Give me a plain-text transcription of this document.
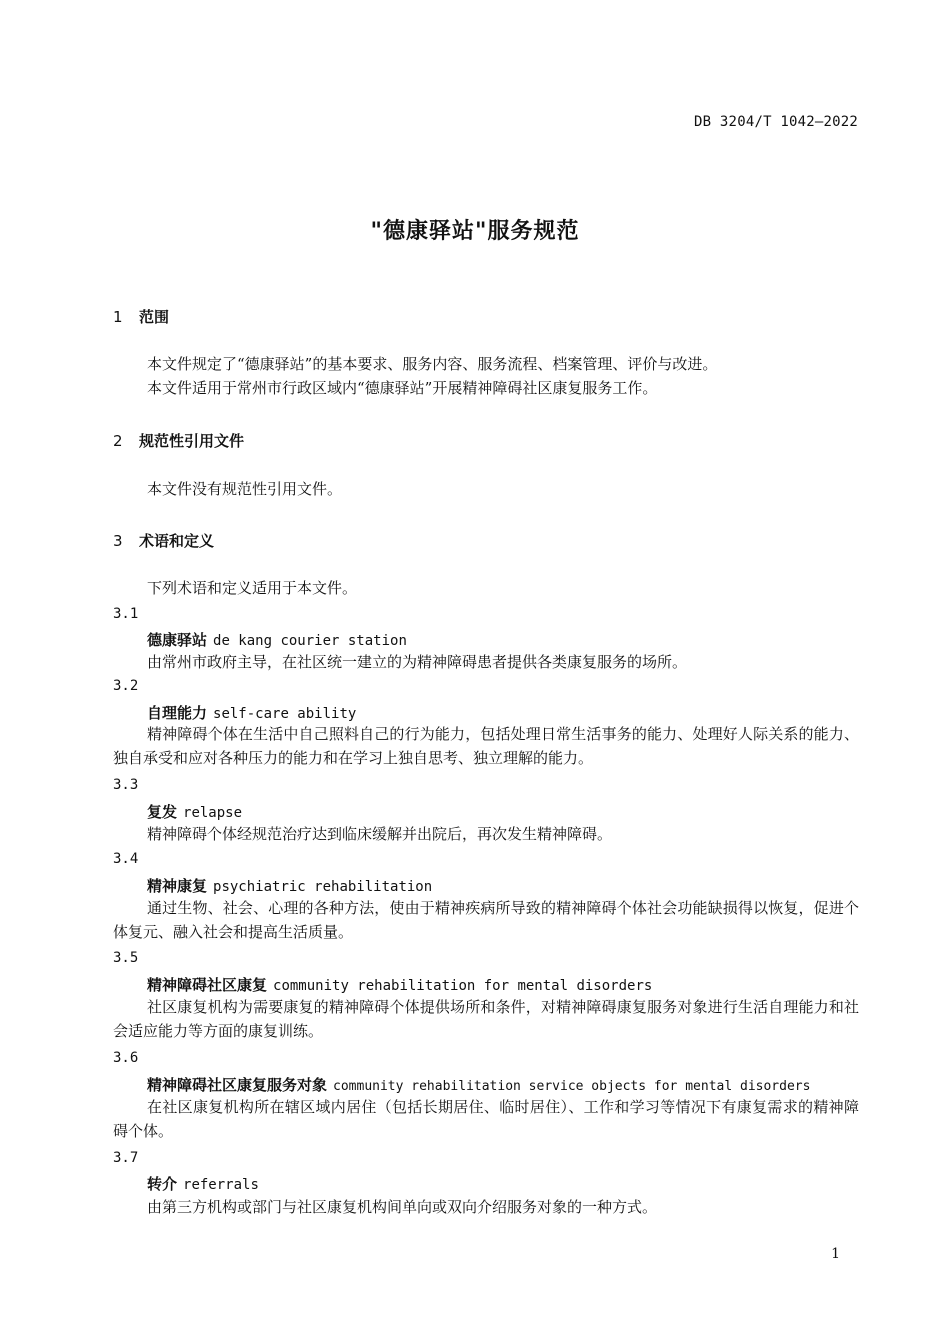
DB 3204/T 1042—2022
"德康驿站"服务规范
1 范围
本文件规定了“德康驿站”的基本要求、服务内容、服务流程、档案管理、评价与改进。
本文件适用于常州市行政区域内“德康驿站”开展精神障碍社区康复服务工作。
2 规范性引用文件
本文件没有规范性引用文件。
3 术语和定义
下列术语和定义适用于本文件。
3.1
德康驿站 de kang courier station
由常州市政府主导，在社区统一建立的为精神障碍患者提供各类康复服务的场所。
3.2
自理能力 self-care ability
精神障碍个体在生活中自己照料自己的行为能力，包括处理日常生活事务的能力、处理好人际关系的能力、独自承受和应对各种压力的能力和在学习上独自思考、独立理解的能力。
3.3
复发 relapse
精神障碍个体经规范治疗达到临床缓解并出院后，再次发生精神障碍。
3.4
精神康复 psychiatric rehabilitation
通过生物、社会、心理的各种方法，使由于精神疾病所导致的精神障碍个体社会功能缺损得以恢复，促进个体复元、融入社会和提高生活质量。
3.5
精神障碍社区康复 community rehabilitation for mental disorders
社区康复机构为需要康复的精神障碍个体提供场所和条件，对精神障碍康复服务对象进行生活自理能力和社会适应能力等方面的康复训练。
3.6
精神障碍社区康复服务对象 community rehabilitation service objects for mental disorders
在社区康复机构所在辖区域内居住（包括长期居住、临时居住）、工作和学习等情况下有康复需求的精神障碍个体。
3.7
转介 referrals
由第三方机构或部门与社区康复机构间单向或双向介绍服务对象的一种方式。
1
